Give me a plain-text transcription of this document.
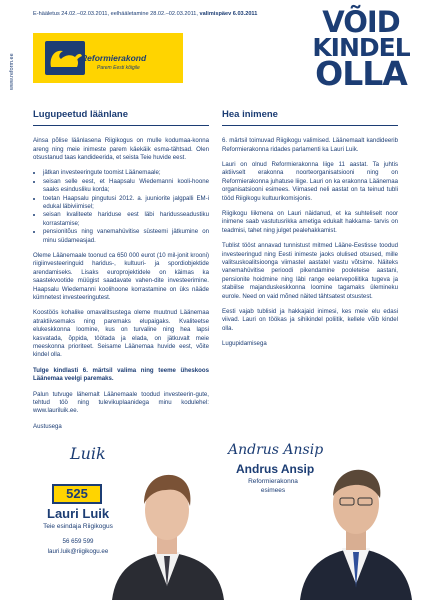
www.reform.ee
E-hääletus 24.02.–02.03.2011, eelhääletamine 28.02.–02.03.2011, valimispäev 6.03.2011
Reformierakond
Parem Eesti kõigile
VÕID
KINDEL
OLLA
Lugupeetud läänlane

Ainsa põlise läänlasena Riigikogus on mulle kodumaa-konna areng ning meie inimeste parem käekäik esma-tähtsad. Olen otsustanud taas kandideerida, et seista Teie huvide eest.

• jätkan investeeringute toomist Läänemaale;
• seisan selle eest, et Haapsalu Wiedemanni kooli-hoone saaks esindusliku korda;
• toetan Haapsalu pingutusi 2012. a. juuniorite jalgpalli EM-i edukal läbiviimisel;
• seisan kvaliteete hariduse eest läbi haridusseadustiku korrastamise;
• pensionitõus ning vanemahüvitise süsteemi jätkumine on minu südameasjad.

Oleme Läänemaale toonud ca 650 000 eurot (10 mil-jonit krooni) riigiinvesteeringuid haridus-, kultuuri- ja spordiobjektide arendamiseks. Lisaks europrojektidele on käimas ka saastekvootide müügist saadavate vahen-dite investeerimine. Haapsalu Wiedemanni koolihoone korrastamine on üks nääde kümnetest investeeringutest.

Koostöös kohalike omavalitsustega oleme muutnud Läänemaa atraktiivsemaks ning paremaks elupaigaks. Kvaliteetse elukeskkonna loomine, kus on turvaline ning hea lapsi kasvatada, õppida, töötada ja elada, on jätkuvalt meie meeskonna prioriteet. Seisame Läänemaa huvide eest, võite kindel olla.

Tulge kindlasti 6. märtsil valima ning teeme üheskoos Läänemaa veelgi paremaks.

Palun tutvuge lähemalt Läänemaale toodud investeerin-gute, tehtud töö ning tulevikuplaanidega minu kodulehel: www.lauriluik.ee.

Austusega

Hea inimene

6. märtsil toimuvad Riigikogu valimised. Läänemaalt kandideerib Reformierakonna ridades parlamenti ka Lauri Luik.

Lauri on olnud Reformierakonna liige 11 aastat. Ta juhtis aktiivselt erakonna noorteorganisatsiooni ning on Reformierakonna juhatuse liige. Lauri on ka erakonna Läänemaa organisatsiooni esimees. Viimased neli aastat on ta teinud tubli tööd Riigikogu kultuurikomisjonis.

Riigikogu liikmena on Lauri näidanud, et ka suhteliselt noor inimene saab vastutusrikka ametiga edukalt hakkama- tarvis on teadmisi, tahet ning julget pealehakkamist.

Tublist tööst annavad tunnistust mitmed Lääne-Eestisse toodud investeeringud ning Eesti inimeste jaoks olulised otsused, mille valitsuskoalitsioonga viimastel aastatel vastu võtsime. Näiteks vanemahüvitise perioodi pikendamine pooleteise aastani, pensionite hoidmine ning läbi range eelarvepoliitika tugeva ja stabiilse majanduskeskkonna loomine tagamaks ülemineku eurole. Need on vaid mõned näited tähtsatest otsustest.

Eesti vajab tublisid ja hakkajaid inimesi, kes meie elu edasi viivad. Lauri on töökas ja sihikindel poliitik, kellele võib kindel olla.

Lugupidamisega

Luik
525
Lauri Luik
Teie esindaja Riigikogus
56 659 599
lauri.luik@riigikogu.ee
Andrus Ansip
Andrus Ansip
Reformierakonna
esimees
